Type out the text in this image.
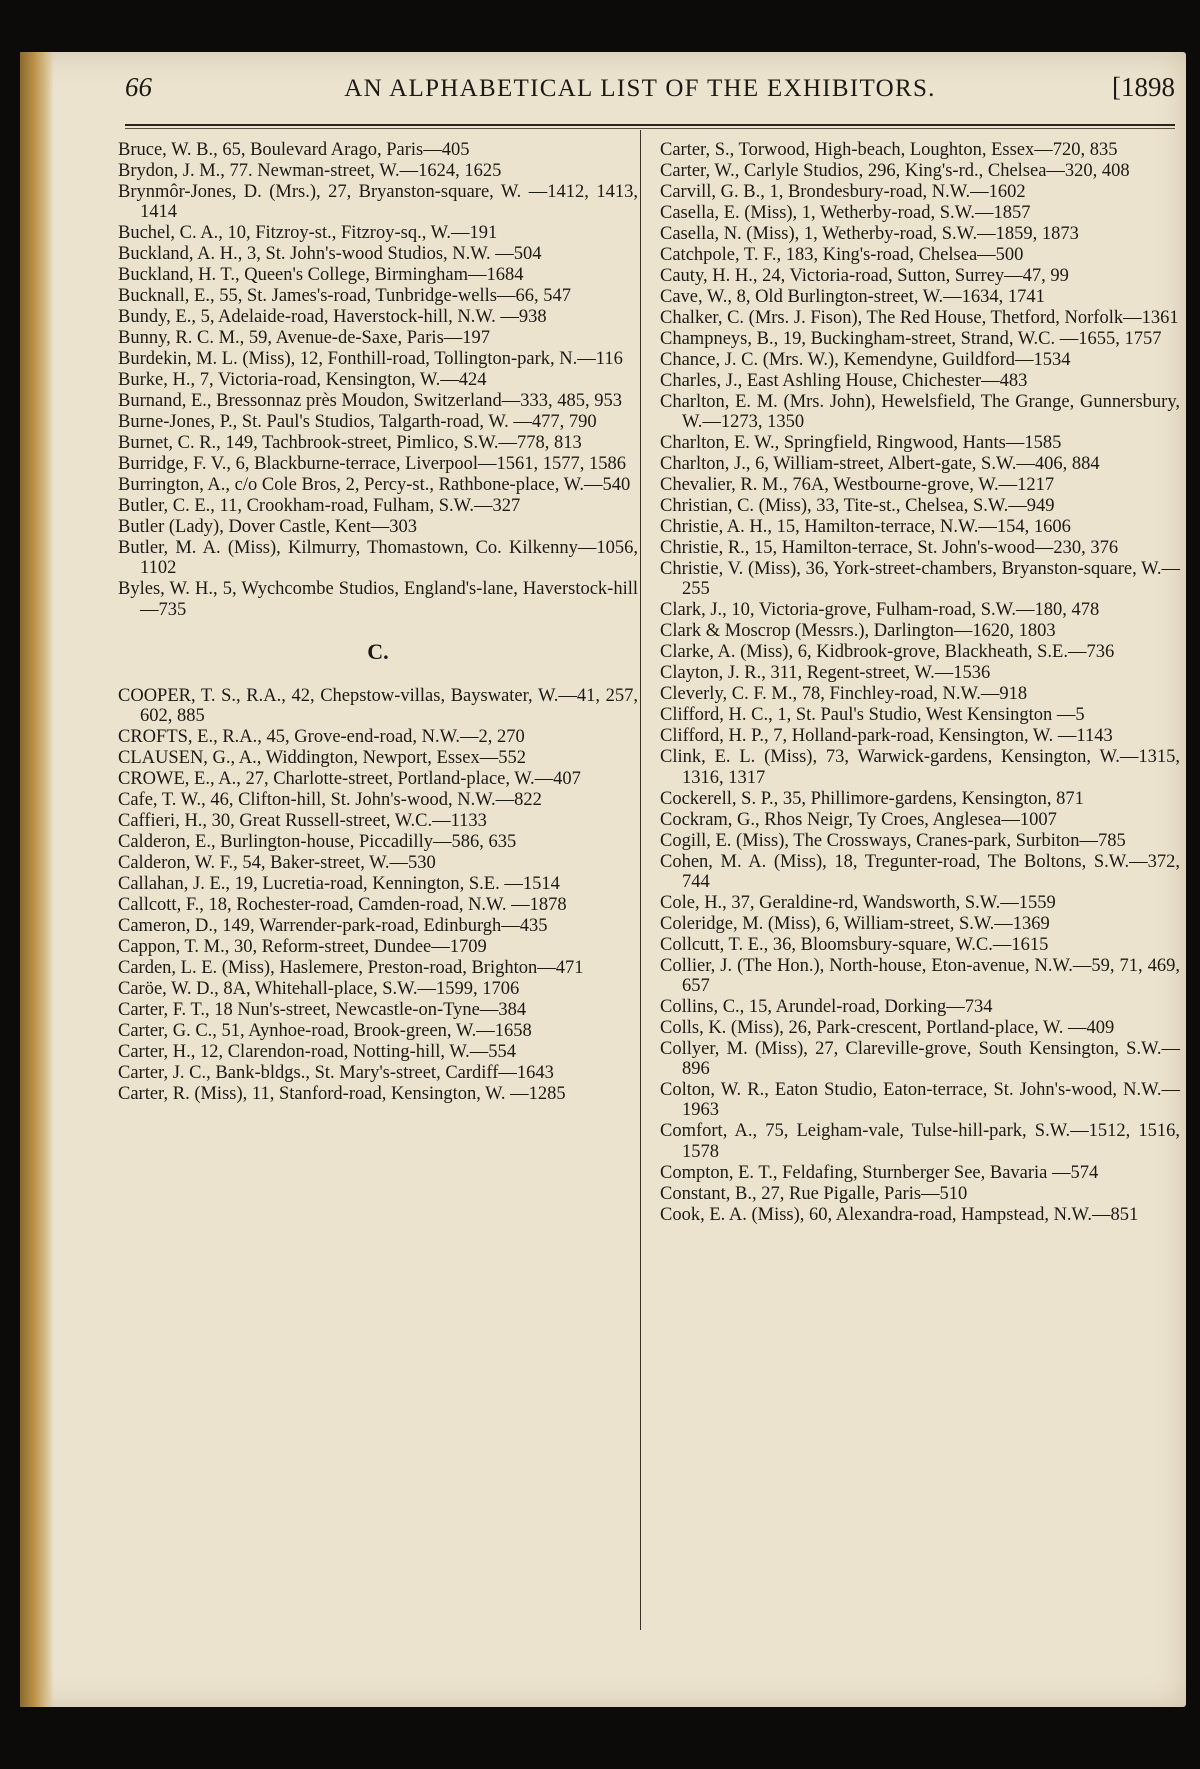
66	AN ALPHABETICAL LIST OF THE EXHIBITORS.	[1898

Bruce, W. B., 65, Boulevard Arago, Paris—405

Brydon, J. M., 77. Newman-street, W.—1624, 1625

Brynmôr-Jones, D. (Mrs.), 27, Bryanston-square, W. —1412, 1413, 1414

Buchel, C. A., 10, Fitzroy-st., Fitzroy-sq., W.—191

Buckland, A. H., 3, St. John's-wood Studios, N.W. —504

Buckland, H. T., Queen's College, Birmingham—1684

Bucknall, E., 55, St. James's-road, Tunbridge-wells—66, 547

Bundy, E., 5, Adelaide-road, Haverstock-hill, N.W. —938

Bunny, R. C. M., 59, Avenue-de-Saxe, Paris—197

Burdekin, M. L. (Miss), 12, Fonthill-road, Tollington-park, N.—116

Burke, H., 7, Victoria-road, Kensington, W.—424

Burnand, E., Bressonnaz près Moudon, Switzerland—333, 485, 953

Burne-Jones, P., St. Paul's Studios, Talgarth-road, W. —477, 790

Burnet, C. R., 149, Tachbrook-street, Pimlico, S.W.—778, 813

Burridge, F. V., 6, Blackburne-terrace, Liverpool—1561, 1577, 1586

Burrington, A., c/o Cole Bros, 2, Percy-st., Rathbone-place, W.—540

Butler, C. E., 11, Crookham-road, Fulham, S.W.—327

Butler (Lady), Dover Castle, Kent—303

Butler, M. A. (Miss), Kilmurry, Thomastown, Co. Kilkenny—1056, 1102

Byles, W. H., 5, Wychcombe Studios, England's-lane, Haverstock-hill—735

C.

COOPER, T. S., R.A., 42, Chepstow-villas, Bayswater, W.—41, 257, 602, 885

CROFTS, E., R.A., 45, Grove-end-road, N.W.—2, 270

CLAUSEN, G., A., Widdington, Newport, Essex—552

CROWE, E., A., 27, Charlotte-street, Portland-place, W.—407

Cafe, T. W., 46, Clifton-hill, St. John's-wood, N.W.—822

Caffieri, H., 30, Great Russell-street, W.C.—1133

Calderon, E., Burlington-house, Piccadilly—586, 635

Calderon, W. F., 54, Baker-street, W.—530

Callahan, J. E., 19, Lucretia-road, Kennington, S.E. —1514

Callcott, F., 18, Rochester-road, Camden-road, N.W. —1878

Cameron, D., 149, Warrender-park-road, Edinburgh—435

Cappon, T. M., 30, Reform-street, Dundee—1709

Carden, L. E. (Miss), Haslemere, Preston-road, Brighton—471

Caröe, W. D., 8A, Whitehall-place, S.W.—1599, 1706

Carter, F. T., 18 Nun's-street, Newcastle-on-Tyne—384

Carter, G. C., 51, Aynhoe-road, Brook-green, W.—1658

Carter, H., 12, Clarendon-road, Notting-hill, W.—554

Carter, J. C., Bank-bldgs., St. Mary's-street, Cardiff—1643

Carter, R. (Miss), 11, Stanford-road, Kensington, W. —1285

Carter, S., Torwood, High-beach, Loughton, Essex—720, 835

Carter, W., Carlyle Studios, 296, King's-rd., Chelsea—320, 408

Carvill, G. B., 1, Brondesbury-road, N.W.—1602

Casella, E. (Miss), 1, Wetherby-road, S.W.—1857

Casella, N. (Miss), 1, Wetherby-road, S.W.—1859, 1873

Catchpole, T. F., 183, King's-road, Chelsea—500

Cauty, H. H., 24, Victoria-road, Sutton, Surrey—47, 99

Cave, W., 8, Old Burlington-street, W.—1634, 1741

Chalker, C. (Mrs. J. Fison), The Red House, Thetford, Norfolk—1361

Champneys, B., 19, Buckingham-street, Strand, W.C. —1655, 1757

Chance, J. C. (Mrs. W.), Kemendyne, Guildford—1534

Charles, J., East Ashling House, Chichester—483

Charlton, E. M. (Mrs. John), Hewelsfield, The Grange, Gunnersbury, W.—1273, 1350

Charlton, E. W., Springfield, Ringwood, Hants—1585

Charlton, J., 6, William-street, Albert-gate, S.W.—406, 884

Chevalier, R. M., 76A, Westbourne-grove, W.—1217

Christian, C. (Miss), 33, Tite-st., Chelsea, S.W.—949

Christie, A. H., 15, Hamilton-terrace, N.W.—154, 1606

Christie, R., 15, Hamilton-terrace, St. John's-wood—230, 376

Christie, V. (Miss), 36, York-street-chambers, Bryanston-square, W.—255

Clark, J., 10, Victoria-grove, Fulham-road, S.W.—180, 478

Clark & Moscrop (Messrs.), Darlington—1620, 1803

Clarke, A. (Miss), 6, Kidbrook-grove, Blackheath, S.E.—736

Clayton, J. R., 311, Regent-street, W.—1536

Cleverly, C. F. M., 78, Finchley-road, N.W.—918

Clifford, H. C., 1, St. Paul's Studio, West Kensington —5

Clifford, H. P., 7, Holland-park-road, Kensington, W. —1143

Clink, E. L. (Miss), 73, Warwick-gardens, Kensington, W.—1315, 1316, 1317

Cockerell, S. P., 35, Phillimore-gardens, Kensington, 871

Cockram, G., Rhos Neigr, Ty Croes, Anglesea—1007

Cogill, E. (Miss), The Crossways, Cranes-park, Surbiton—785

Cohen, M. A. (Miss), 18, Tregunter-road, The Boltons, S.W.—372, 744

Cole, H., 37, Geraldine-rd, Wandsworth, S.W.—1559

Coleridge, M. (Miss), 6, William-street, S.W.—1369

Collcutt, T. E., 36, Bloomsbury-square, W.C.—1615

Collier, J. (The Hon.), North-house, Eton-avenue, N.W.—59, 71, 469, 657

Collins, C., 15, Arundel-road, Dorking—734

Colls, K. (Miss), 26, Park-crescent, Portland-place, W. —409

Collyer, M. (Miss), 27, Clareville-grove, South Kensington, S.W.—896

Colton, W. R., Eaton Studio, Eaton-terrace, St. John's-wood, N.W.—1963

Comfort, A., 75, Leigham-vale, Tulse-hill-park, S.W.—1512, 1516, 1578

Compton, E. T., Feldafing, Sturnberger See, Bavaria —574

Constant, B., 27, Rue Pigalle, Paris—510

Cook, E. A. (Miss), 60, Alexandra-road, Hampstead, N.W.—851
